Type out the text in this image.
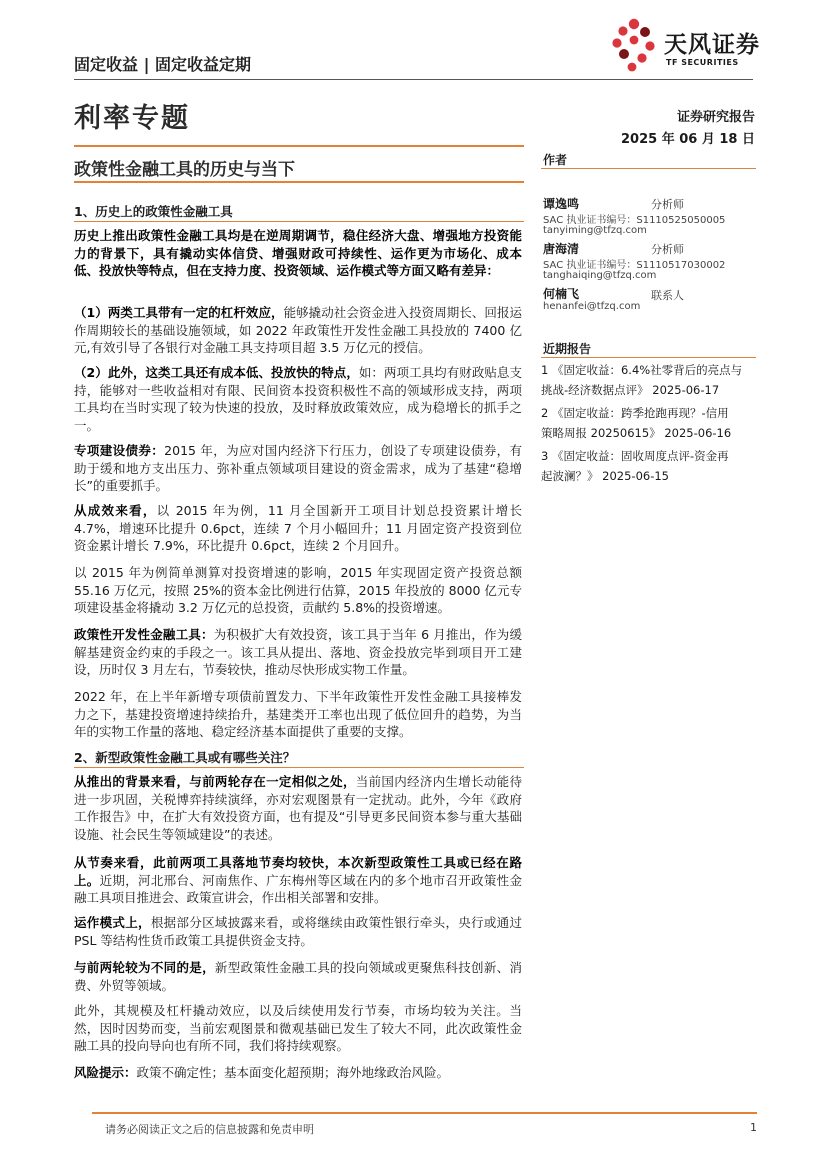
固定收益 | 固定收益定期
天风证券
TF SECURITIES
利率专题	证券研究报告
2025 年 06 月 18 日
政策性金融工具的历史与当下
1、历史上的政策性金融工具
历史上推出政策性金融工具均是在逆周期调节，稳住经济大盘、增强地方投资能力的背景下，具有撬动实体信贷、增强财政可持续性、运作更为市场化、成本低、投放快等特点，但在支持力度、投资领域、运作模式等方面又略有差异：
（1）两类工具带有一定的杠杆效应，能够撬动社会资金进入投资周期长、回报运作周期较长的基础设施领域，如 2022 年政策性开发性金融工具投放的 7400 亿元,有效引导了各银行对金融工具支持项目超 3.5 万亿元的授信。
（2）此外，这类工具还有成本低、投放快的特点，如：两项工具均有财政贴息支持，能够对一些收益相对有限、民间资本投资积极性不高的领域形成支持，两项工具均在当时实现了较为快速的投放，及时释放政策效应，成为稳增长的抓手之一。
专项建设债券：2015 年，为应对国内经济下行压力，创设了专项建设债券，有助于缓和地方支出压力、弥补重点领域项目建设的资金需求，成为了基建“稳增长”的重要抓手。
从成效来看，以 2015 年为例，11 月全国新开工项目计划总投资累计增长 4.7%，增速环比提升 0.6pct，连续 7 个月小幅回升；11 月固定资产投资到位资金累计增长 7.9%，环比提升 0.6pct，连续 2 个月回升。
以 2015 年为例简单测算对投资增速的影响，2015 年实现固定资产投资总额 55.16 万亿元，按照 25%的资本金比例进行估算，2015 年投放的 8000 亿元专项建设基金将撬动 3.2 万亿元的总投资，贡献约 5.8%的投资增速。
政策性开发性金融工具：为积极扩大有效投资，该工具于当年 6 月推出，作为缓解基建资金约束的手段之一。该工具从提出、落地、资金投放完毕到项目开工建设，历时仅 3 月左右，节奏较快，推动尽快形成实物工作量。
2022 年，在上半年新增专项债前置发力、下半年政策性开发性金融工具接棒发力之下，基建投资增速持续抬升，基建类开工率也出现了低位回升的趋势，为当年的实物工作量的落地、稳定经济基本面提供了重要的支撑。
2、新型政策性金融工具或有哪些关注？
从推出的背景来看，与前两轮存在一定相似之处，当前国内经济内生增长动能待进一步巩固，关税博弈持续演绎，亦对宏观图景有一定扰动。此外，今年《政府工作报告》中，在扩大有效投资方面，也有提及“引导更多民间资本参与重大基础设施、社会民生等领域建设”的表述。
从节奏来看，此前两项工具落地节奏均较快，本次新型政策性工具或已经在路上。近期，河北邢台、河南焦作、广东梅州等区域在内的多个地市召开政策性金融工具项目推进会、政策宣讲会，作出相关部署和安排。
运作模式上，根据部分区域披露来看，或将继续由政策性银行牵头，央行或通过 PSL 等结构性货币政策工具提供资金支持。
与前两轮较为不同的是，新型政策性金融工具的投向领域或更聚焦科技创新、消费、外贸等领域。
此外，其规模及杠杆撬动效应，以及后续使用发行节奏，市场均较为关注。当然，因时因势而变，当前宏观图景和微观基础已发生了较大不同，此次政策性金融工具的投向导向也有所不同，我们将持续观察。
风险提示：政策不确定性；基本面变化超预期；海外地缘政治风险。
作者
谭逸鸣	分析师
SAC 执业证书编号：S1110525050005
tanyiming@tfzq.com
唐海清	分析师
SAC 执业证书编号：S1110517030002
tanghaiqing@tfzq.com
何楠飞	联系人
henanfei@tfzq.com
近期报告
1 《固定收益：6.4%社零背后的亮点与
挑战-经济数据点评》 2025-06-17
2 《固定收益：跨季抢跑再现？-信用
策略周报 20250615》 2025-06-16
3 《固定收益：固收周度点评-资金再
起波澜？》 2025-06-15
请务必阅读正文之后的信息披露和免责申明	1
